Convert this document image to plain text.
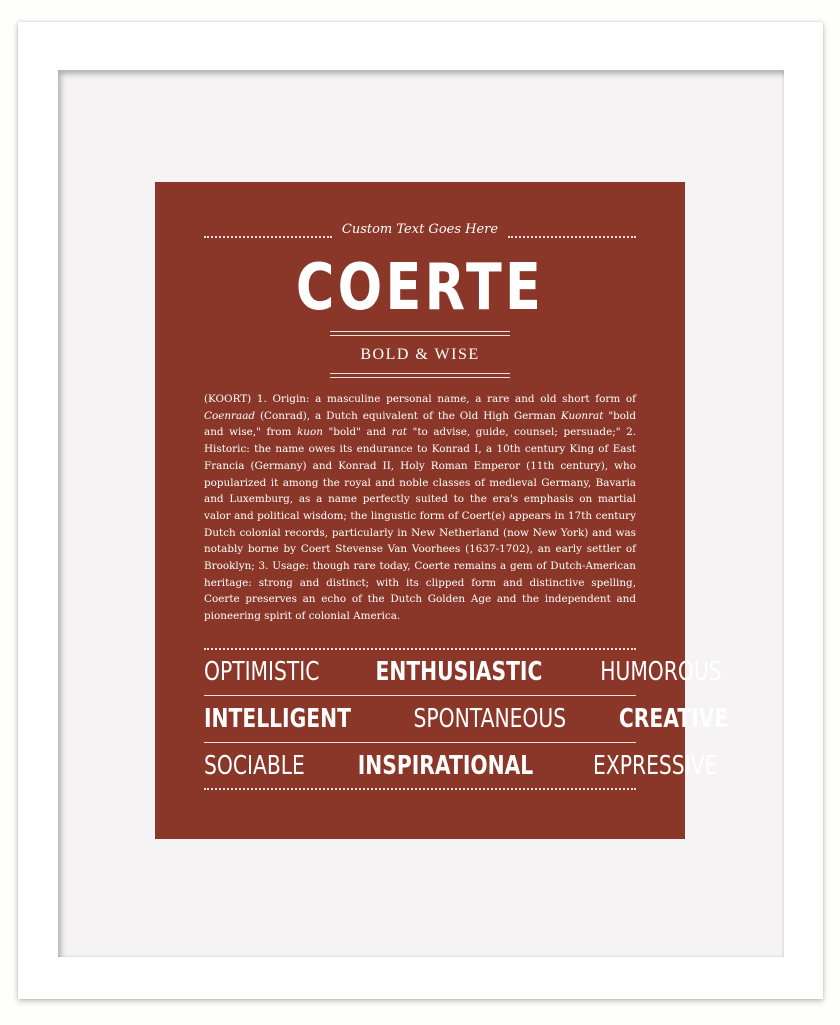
Custom Text Goes Here
COERTE
BOLD & WISE
(KOORT) 1. Origin: a masculine personal name, a rare and old short form of Coenraad (Conrad), a Dutch equivalent of the Old High German Kuonrat "bold and wise," from kuon "bold" and rat "to advise, guide, counsel; persuade;" 2. Historic: the name owes its endurance to Konrad I, a 10th century King of East Francia (Germany) and Konrad II, Holy Roman Emperor (11th century), who popularized it among the royal and noble classes of medieval Germany, Bavaria and Luxemburg, as a name perfectly suited to the era's emphasis on martial valor and political wisdom; the lingustic form of Coert(e) appears in 17th century Dutch colonial records, particularly in New Netherland (now New York) and was notably borne by Coert Stevense Van Voorhees (1637-1702), an early settler of Brooklyn; 3. Usage: though rare today, Coerte remains a gem of Dutch-American heritage: strong and distinct; with its clipped form and distinctive spelling, Coerte preserves an echo of the Dutch Golden Age and the independent and pioneering spirit of colonial America.
OPTIMISTIC ENTHUSIASTIC HUMOROUS
INTELLIGENT SPONTANEOUS CREATIVE
SOCIABLE INSPIRATIONAL EXPRESSIVE
